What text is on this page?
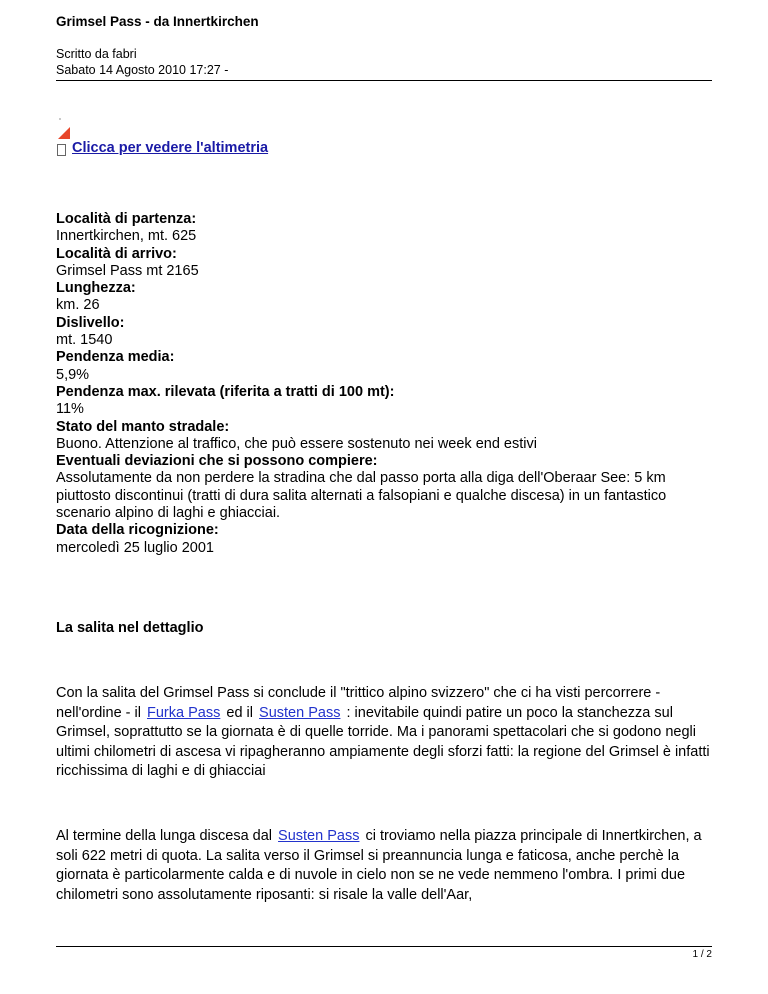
Grimsel Pass - da Innertkirchen
Scritto da fabri
Sabato 14 Agosto 2010 17:27 -
Clicca per vedere l'altimetria
Località di partenza:
Innertkirchen, mt. 625
Località di arrivo:
Grimsel Pass mt 2165
Lunghezza:
km. 26
Dislivello:
mt. 1540
Pendenza media:
5,9%
Pendenza max. rilevata (riferita a tratti di 100 mt):
11%
Stato del manto stradale:
Buono. Attenzione al traffico, che può essere sostenuto nei week end estivi
Eventuali deviazioni che si possono compiere:
Assolutamente da non perdere la stradina che dal passo porta alla diga dell'Oberaar See: 5 km piuttosto discontinui (tratti di dura salita alternati a falsopiani e qualche discesa) in un fantastico scenario alpino di laghi e ghiacciai.
Data della ricognizione:
mercoledì 25 luglio 2001
La salita nel dettaglio
Con la salita del Grimsel Pass si conclude il "trittico alpino svizzero" che ci ha visti percorrere - nell'ordine - il Furka Pass ed il Susten Pass : inevitabile quindi patire un poco la stanchezza sul Grimsel, soprattutto se la giornata è di quelle torride. Ma i panorami spettacolari che si godono negli ultimi chilometri di ascesa vi ripagheranno ampiamente degli sforzi fatti: la regione del Grimsel è infatti ricchissima di laghi e di ghiacciai
Al termine della lunga discesa dal Susten Pass ci troviamo nella piazza principale di Innertkirchen, a soli 622 metri di quota. La salita verso il Grimsel si preannuncia lunga e faticosa, anche perchè la giornata è particolarmente calda e di nuvole in cielo non se ne vede nemmeno l'ombra. I primi due chilometri sono assolutamente riposanti: si risale la valle dell'Aar,
1 / 2
